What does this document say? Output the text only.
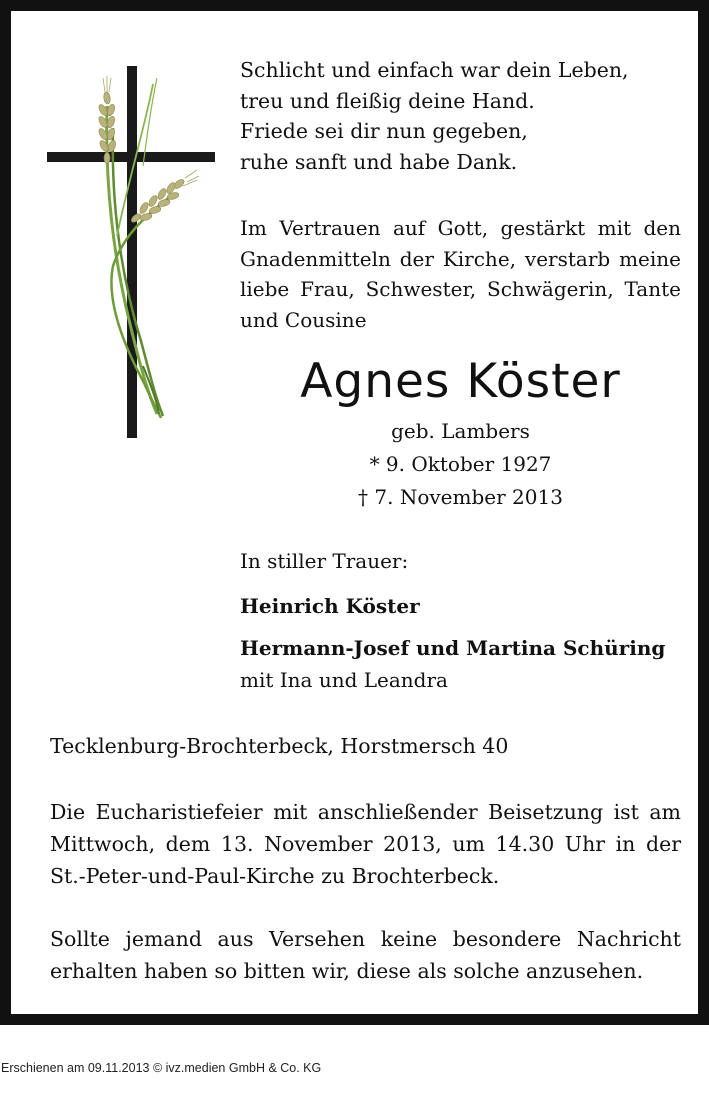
Schlicht und einfach war dein Leben,
treu und fleißig deine Hand.
Friede sei dir nun gegeben,
ruhe sanft und habe Dank.
Im Vertrauen auf Gott, gestärkt mit den Gnadenmitteln der Kirche, verstarb meine liebe Frau, Schwester, Schwägerin, Tante und Cousine
Agnes Köster
geb. Lambers
* 9. Oktober 1927
† 7. November 2013
In stiller Trauer:
Heinrich Köster
Hermann-Josef und Martina Schüring
mit Ina und Leandra
Tecklenburg-Brochterbeck, Horstmersch 40
Die Eucharistiefeier mit anschließender Beisetzung ist am Mittwoch, dem 13. November 2013, um 14.30 Uhr in der St.-Peter-und-Paul-Kirche zu Brochterbeck.
Sollte jemand aus Versehen keine besondere Nachricht erhalten haben so bitten wir, diese als solche anzusehen.
Erschienen am 09.11.2013 © ivz.medien GmbH & Co. KG
